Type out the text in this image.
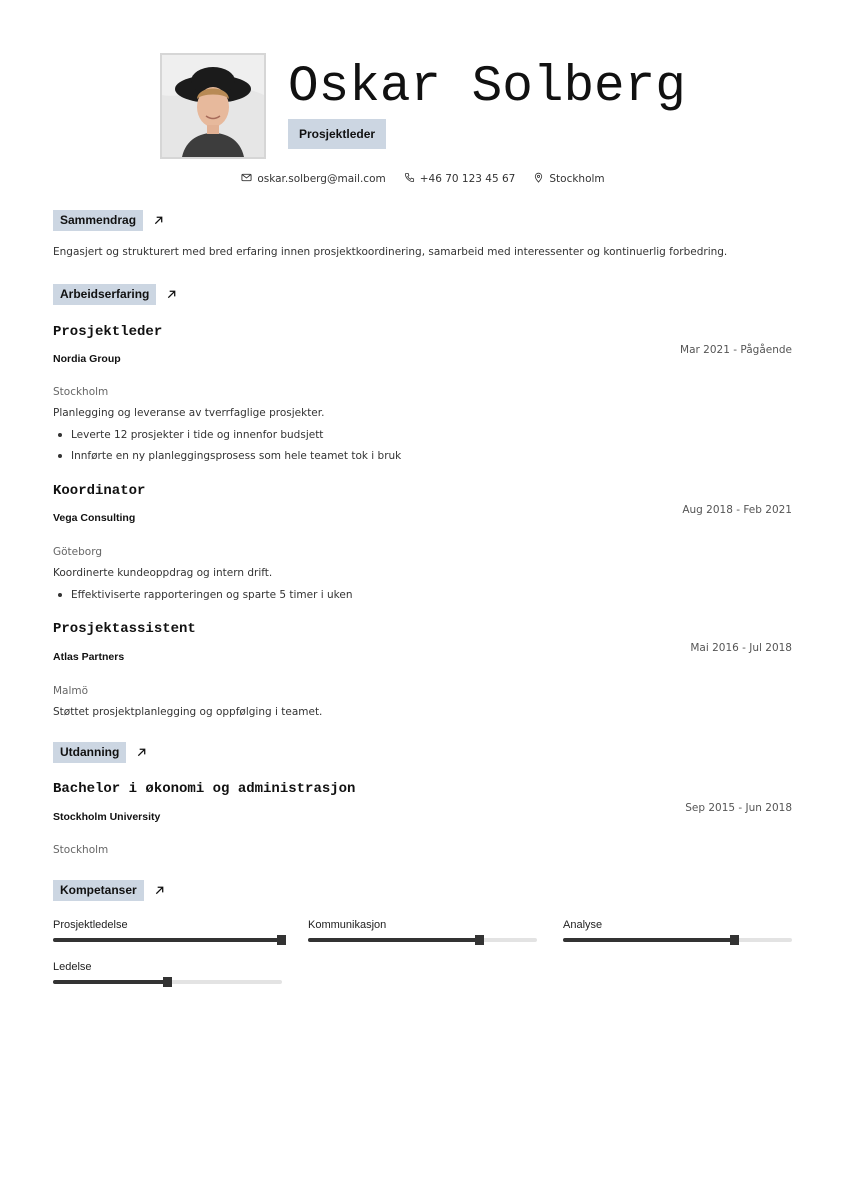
Oskar Solberg
Prosjektleder
oskar.solberg@mail.com	+46 70 123 45 67	Stockholm
Sammendrag
Engasjert og strukturert med bred erfaring innen prosjektkoordinering, samarbeid med interessenter og kontinuerlig forbedring.
Arbeidserfaring
Prosjektleder
Mar 2021 - Pågående
Nordia Group
Stockholm
Planlegging og leveranse av tverrfaglige prosjekter.
Leverte 12 prosjekter i tide og innenfor budsjett
Innførte en ny planleggingsprosess som hele teamet tok i bruk
Koordinator
Aug 2018 - Feb 2021
Vega Consulting
Göteborg
Koordinerte kundeoppdrag og intern drift.
Effektiviserte rapporteringen og sparte 5 timer i uken
Prosjektassistent
Mai 2016 - Jul 2018
Atlas Partners
Malmö
Støttet prosjektplanlegging og oppfølging i teamet.
Utdanning
Bachelor i økonomi og administrasjon
Sep 2015 - Jun 2018
Stockholm University
Stockholm
Kompetanser
Prosjektledelse	Kommunikasjon	Analyse
Ledelse
